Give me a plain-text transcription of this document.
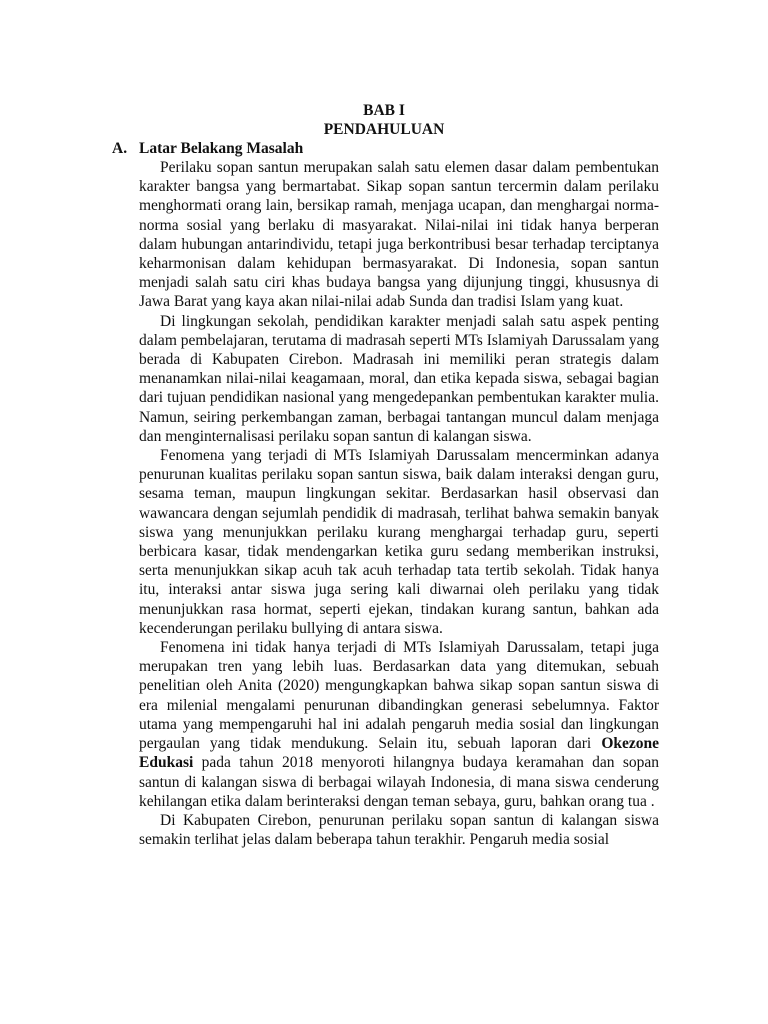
BAB I
PENDAHULUAN
A. Latar Belakang Masalah

Perilaku sopan santun merupakan salah satu elemen dasar dalam pembentukan karakter bangsa yang bermartabat. Sikap sopan santun tercermin dalam perilaku menghormati orang lain, bersikap ramah, menjaga ucapan, dan menghargai norma-norma sosial yang berlaku di masyarakat. Nilai-nilai ini tidak hanya berperan dalam hubungan antarindividu, tetapi juga berkontribusi besar terhadap terciptanya keharmonisan dalam kehidupan bermasyarakat. Di Indonesia, sopan santun menjadi salah satu ciri khas budaya bangsa yang dijunjung tinggi, khususnya di Jawa Barat yang kaya akan nilai-nilai adab Sunda dan tradisi Islam yang kuat.

Di lingkungan sekolah, pendidikan karakter menjadi salah satu aspek penting dalam pembelajaran, terutama di madrasah seperti MTs Islamiyah Darussalam yang berada di Kabupaten Cirebon. Madrasah ini memiliki peran strategis dalam menanamkan nilai-nilai keagamaan, moral, dan etika kepada siswa, sebagai bagian dari tujuan pendidikan nasional yang mengedepankan pembentukan karakter mulia. Namun, seiring perkembangan zaman, berbagai tantangan muncul dalam menjaga dan menginternalisasi perilaku sopan santun di kalangan siswa.

Fenomena yang terjadi di MTs Islamiyah Darussalam mencerminkan adanya penurunan kualitas perilaku sopan santun siswa, baik dalam interaksi dengan guru, sesama teman, maupun lingkungan sekitar. Berdasarkan hasil observasi dan wawancara dengan sejumlah pendidik di madrasah, terlihat bahwa semakin banyak siswa yang menunjukkan perilaku kurang menghargai terhadap guru, seperti berbicara kasar, tidak mendengarkan ketika guru sedang memberikan instruksi, serta menunjukkan sikap acuh tak acuh terhadap tata tertib sekolah. Tidak hanya itu, interaksi antar siswa juga sering kali diwarnai oleh perilaku yang tidak menunjukkan rasa hormat, seperti ejekan, tindakan kurang santun, bahkan ada kecenderungan perilaku bullying di antara siswa.

Fenomena ini tidak hanya terjadi di MTs Islamiyah Darussalam, tetapi juga merupakan tren yang lebih luas. Berdasarkan data yang ditemukan, sebuah penelitian oleh Anita (2020) mengungkapkan bahwa sikap sopan santun siswa di era milenial mengalami penurunan dibandingkan generasi sebelumnya. Faktor utama yang mempengaruhi hal ini adalah pengaruh media sosial dan lingkungan pergaulan yang tidak mendukung. Selain itu, sebuah laporan dari Okezone Edukasi pada tahun 2018 menyoroti hilangnya budaya keramahan dan sopan santun di kalangan siswa di berbagai wilayah Indonesia, di mana siswa cenderung kehilangan etika dalam berinteraksi dengan teman sebaya, guru, bahkan orang tua .

Di Kabupaten Cirebon, penurunan perilaku sopan santun di kalangan siswa semakin terlihat jelas dalam beberapa tahun terakhir. Pengaruh media sosial
